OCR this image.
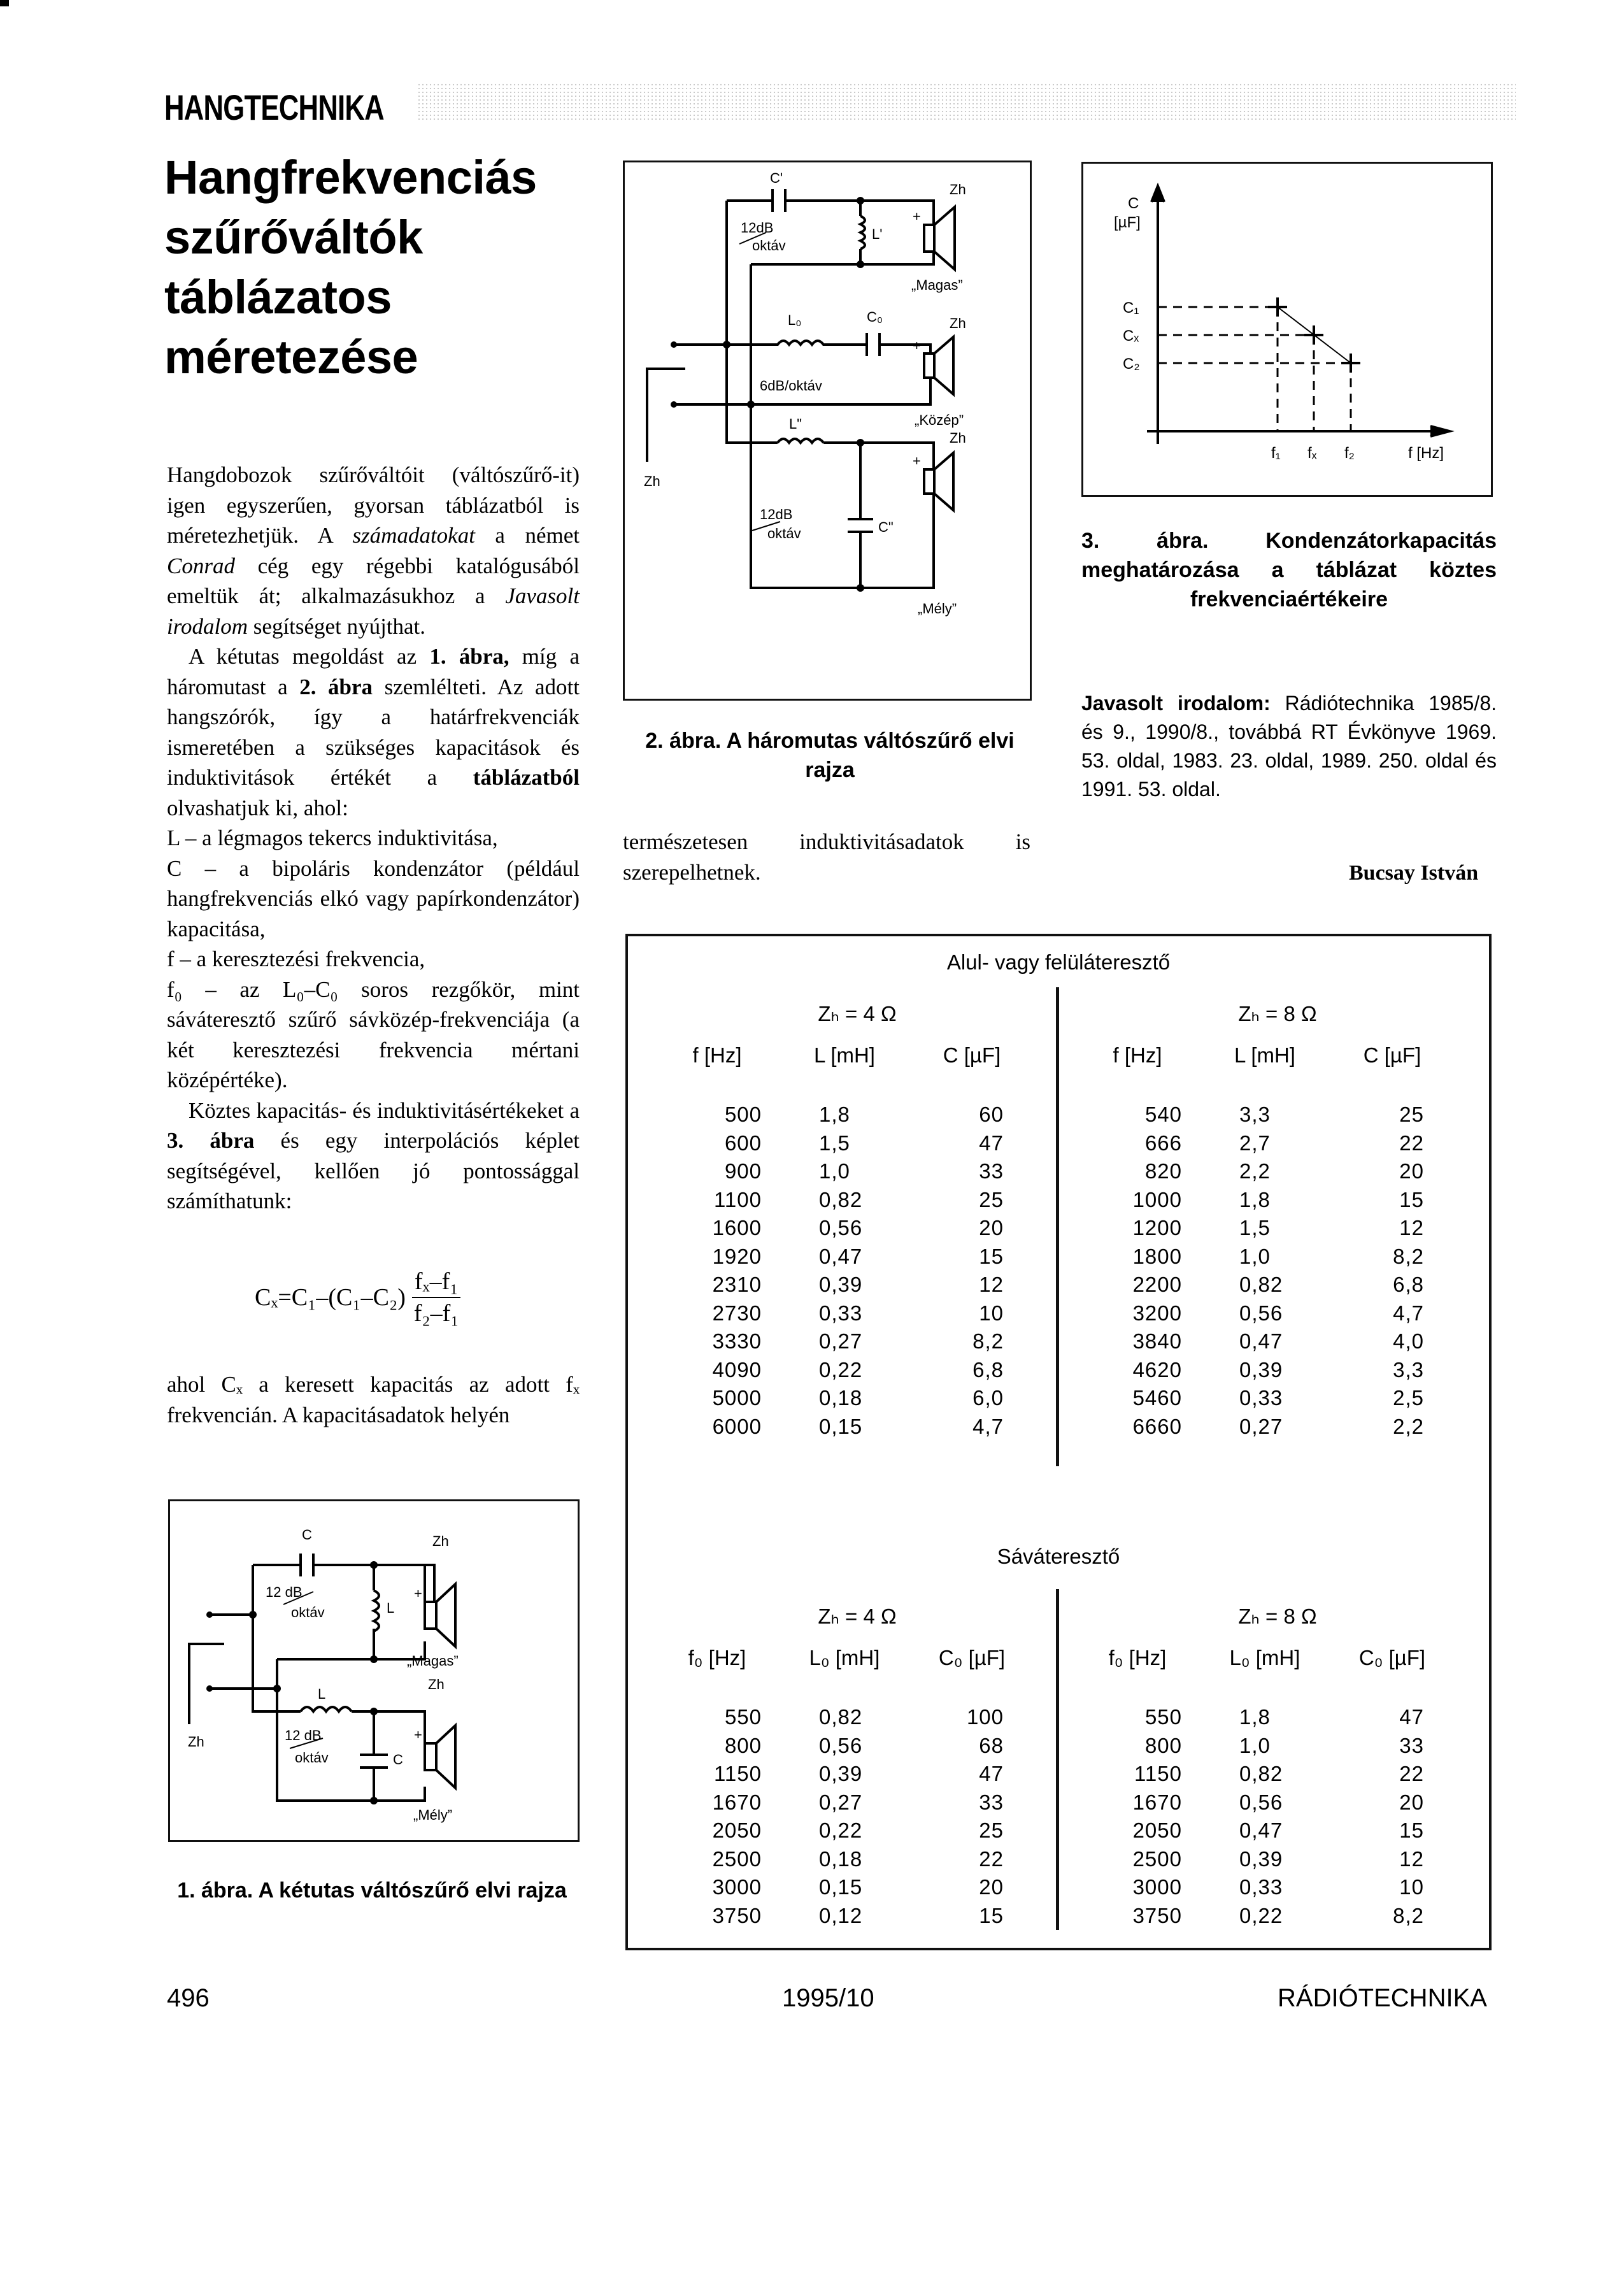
HANGTECHNIKA
Hangfrekvenciás
szűrőváltók
táblázatos
méretezése

Hangdobozok szűrőváltóit (váltószűrő-it) igen egyszerűen, gyorsan táblázatból is méretezhetjük. A számadatokat a német Conrad cég egy régebbi katalógusából emeltük át; alkalmazásukhoz a Javasolt irodalom segítséget nyújthat.

A kétutas megoldást az 1. ábra, míg a háromutast a 2. ábra szemlélteti. Az adott hangszórók, így a határfrekvenciák ismeretében a szükséges kapacitások és induktivitások értékét a táblázatból olvashatjuk ki, ahol:

L – a légmagos tekercs induktivitása,

C – a bipoláris kondenzátor (például hangfrekvenciás elkó vagy papírkondenzátor) kapacitása,

f – a keresztezési frekvencia,

f₀ – az L₀–C₀ soros rezgőkör, mint sáváteresztő szűrő sávközép-frekvenciája (a két keresztezési frekvencia mértani középértéke).

Köztes kapacitás- és induktivitásértékeket a 3. ábra és egy interpolációs képlet segítségével, kellően jó pontossággal számíthatunk:

$C_x=C_1-(C_1-C_2) \frac{\text{fₓ–f₁}}{\text{f₂–f₁}}$

ahol Cₓ a keresett kapacitás az adott fₓ frekvencián. A kapacitásadatok helyén

C
L
Zh
Zh
Zh
12 dB
oktáv
12 dB
oktáv
L
C
„Magas”
„Mély”
+
+
1. ábra. A kétutas váltószűrő elvi rajza
C'
L'
L₀	C₀
L"
C"
Zh
Zh
Zh
Zh
12dB
oktáv
6dB/oktáv
12dB
oktáv
„Magas”
„Közép”
„Mély”
+
+
+
2. ábra. A háromutas váltószűrő elvi rajza

természetesen induktivitásadatok is szerepelhetnek.

C
[µF]
C₁
Cₓ
C₂
f₁ fₓ f₂	f [Hz]
3. ábra. Kondenzátorkapacitás meghatározása a táblázat köztes frekvenciaértékeire
Javasolt irodalom: Rádiótechnika 1985/8. és 9., 1990/8., továbbá RT Évkönyve 1969. 53. oldal, 1983. 23. oldal, 1989. 250. oldal és 1991. 53. oldal.
Bucsay István
Alul- vagy felüláteresztő
Zₕ = 4 Ω
f [Hz]	L [mH]	C [µF]
500	1,8	60
600	1,5	47
900	1,0	33
1100	0,82	25
1600	0,56	20
1920	0,47	15
2310	0,39	12
2730	0,33	10
3330	0,27	8,2
4090	0,22	6,8
5000	0,18	6,0
6000	0,15	4,7
Zₕ = 8 Ω
f [Hz]	L [mH]	C [µF]
540	3,3	25
666	2,7	22
820	2,2	20
1000	1,8	15
1200	1,5	12
1800	1,0	8,2
2200	0,82	6,8
3200	0,56	4,7
3840	0,47	4,0
4620	0,39	3,3
5460	0,33	2,5
6660	0,27	2,2
Sáváteresztő
Zₕ = 4 Ω
f₀ [Hz]	L₀ [mH]	C₀ [µF]
550	0,82	100
800	0,56	68
1150	0,39	47
1670	0,27	33
2050	0,22	25
2500	0,18	22
3000	0,15	20
3750	0,12	15
Zₕ = 8 Ω
f₀ [Hz]	L₀ [mH]	C₀ [µF]
550	1,8	47
800	1,0	33
1150	0,82	22
1670	0,56	20
2050	0,47	15
2500	0,39	12
3000	0,33	10
3750	0,22	8,2
496	1995/10	RÁDIÓTECHNIKA
